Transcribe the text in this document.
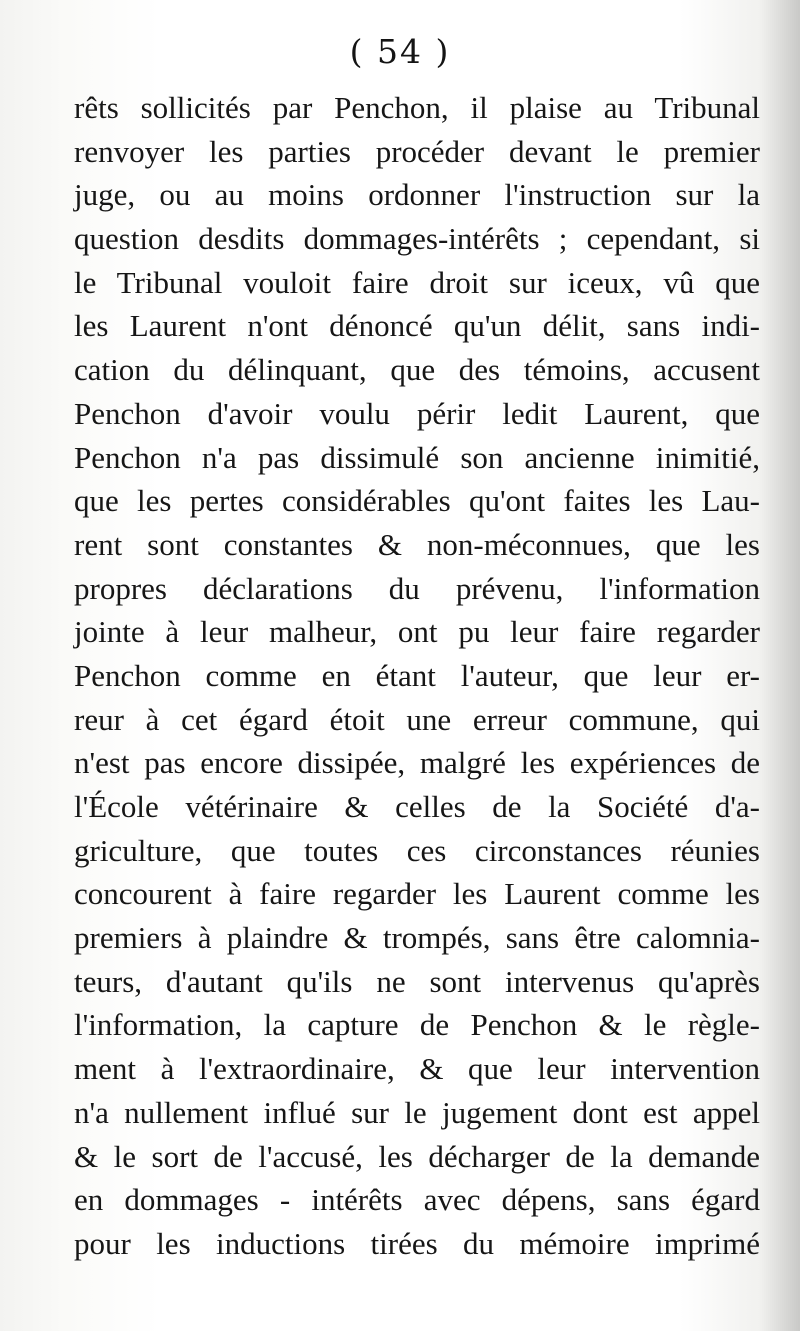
( 54 )
rêts sollicités par Penchon, il plaise au Tribunal
renvoyer les parties procéder devant le premier
juge, ou au moins ordonner l'instruction sur la
question desdits dommages-intérêts ; cependant, si
le Tribunal vouloit faire droit sur iceux, vû que
les Laurent n'ont dénoncé qu'un délit, sans indi-
cation du délinquant, que des témoins, accusent
Penchon d'avoir voulu périr ledit Laurent, que
Penchon n'a pas dissimulé son ancienne inimitié,
que les pertes considérables qu'ont faites les Lau-
rent sont constantes & non-méconnues, que les
propres déclarations du prévenu, l'information
jointe à leur malheur, ont pu leur faire regarder
Penchon comme en étant l'auteur, que leur er-
reur à cet égard étoit une erreur commune, qui
n'est pas encore dissipée, malgré les expériences de
l'École vétérinaire & celles de la Société d'a-
griculture, que toutes ces circonstances réunies
concourent à faire regarder les Laurent comme les
premiers à plaindre & trompés, sans être calomnia-
teurs, d'autant qu'ils ne sont intervenus qu'après
l'information, la capture de Penchon & le règle-
ment à l'extraordinaire, & que leur intervention
n'a nullement influé sur le jugement dont est appel
& le sort de l'accusé, les décharger de la demande
en dommages - intérêts avec dépens, sans égard
pour les inductions tirées du mémoire imprimé
